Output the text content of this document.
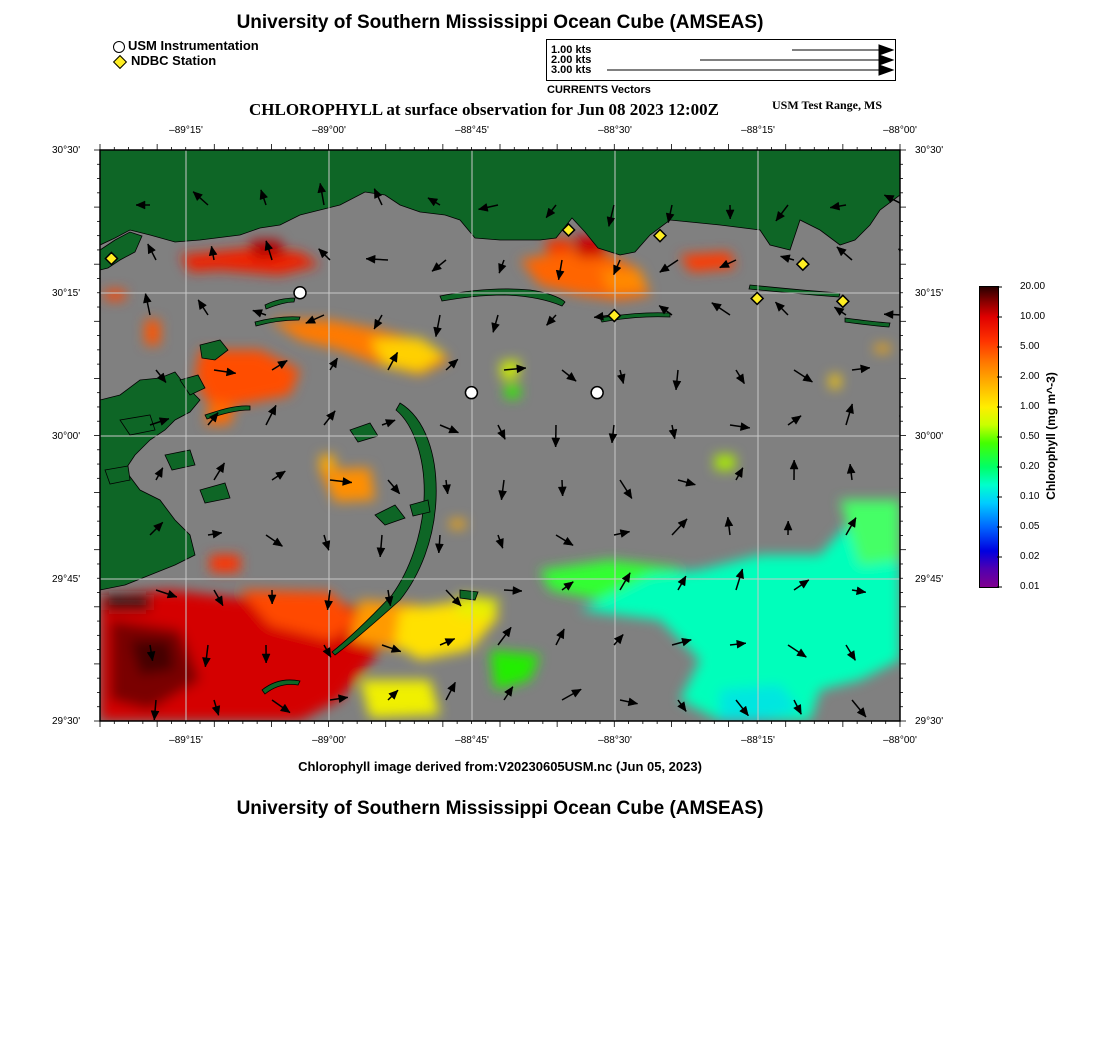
University of Southern Mississippi Ocean Cube (AMSEAS)
USM Instrumentation
NDBC Station
1.00 kts
2.00 kts
3.00 kts
CURRENTS Vectors
CHLOROPHYLL at surface observation for Jun 08 2023 12:00Z	USM Test Range, MS
–89°15'	–89°00'	–88°45'	–88°30'	–88°15'	–88°00'
–89°15'	–89°00'	–88°45'	–88°30'	–88°15'	–88°00'
30°30'
30°15'
30°00'
29°45'
29°30'
30°30'
30°15'
30°00'
29°45'
29°30'
Chlorophyll image derived from:V20230605USM.nc (Jun 05, 2023)
University of Southern Mississippi Ocean Cube (AMSEAS)
20.00
10.00
5.00
2.00
1.00
0.50
0.20
0.10
0.05
0.02
0.01
Chlorophyll (mg m^-3)
